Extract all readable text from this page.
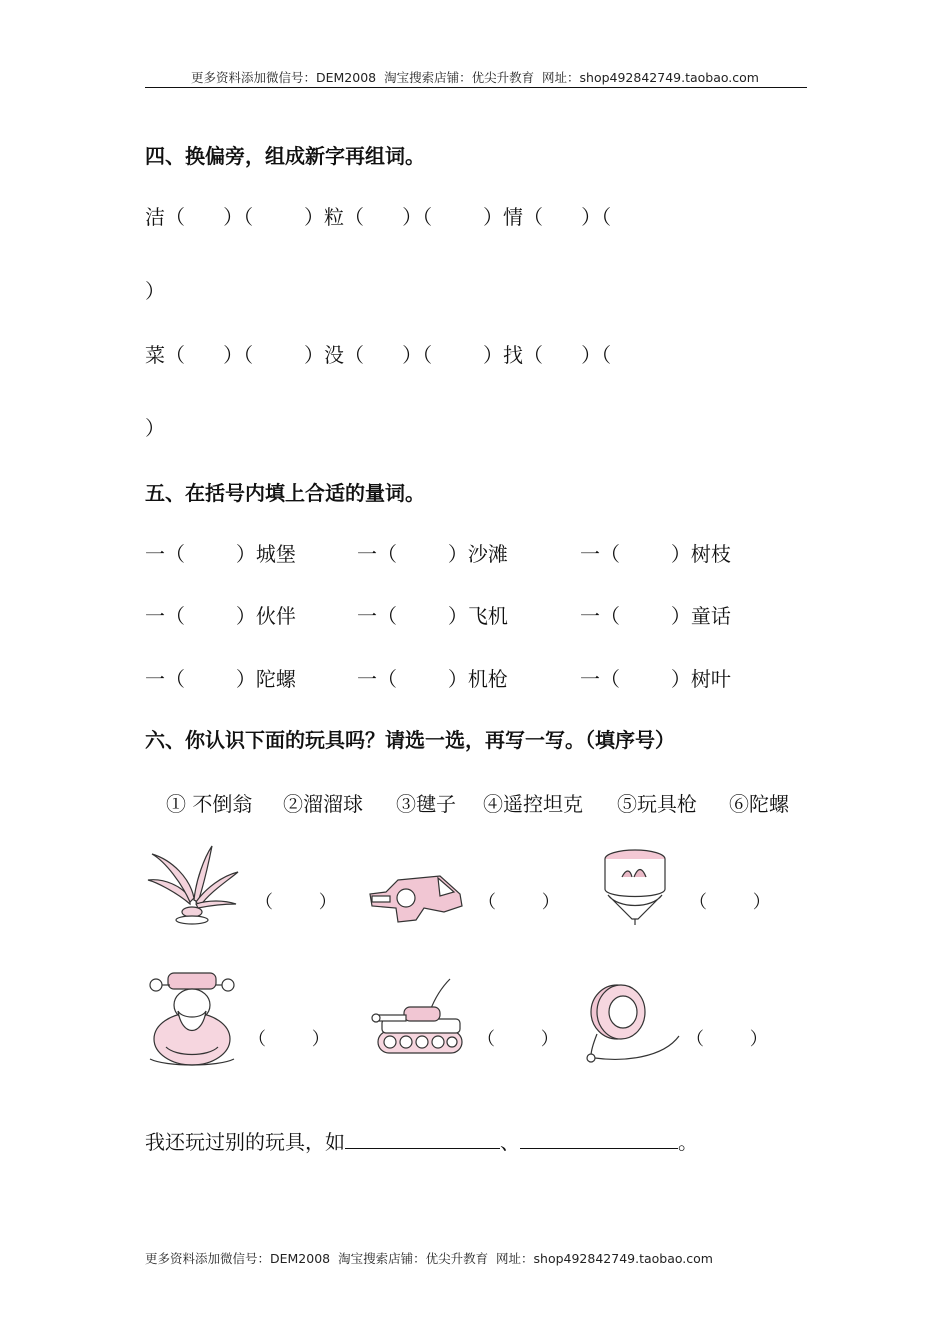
更多资料添加微信号：DEM2008  淘宝搜索店铺：优尖升教育  网址：shop492842749.taobao.com
四、换偏旁，组成新字再组词。
洁（      ）（        ）粒（      ）（        ）情（      ）（
）
菜（      ）（        ）没（      ）（        ）找（      ）（
）
五、在括号内填上合适的量词。
一（        ）城堡	一（        ）沙滩	一（        ）树枝
一（        ）伙伴	一（        ）飞机	一（        ）童话
一（        ）陀螺	一（        ）机枪	一（        ）树叶
六、你认识下面的玩具吗？请选一选，再写一写。（填序号）
① 不倒翁 ②溜溜球 ③毽子 ④遥控坦克 ⑤玩具枪 ⑥陀螺
（        ）	（        ）	（        ）
（        ）	（        ）	（        ）
我还玩过别的玩具，如	、	。
更多资料添加微信号：DEM2008  淘宝搜索店铺：优尖升教育  网址：shop492842749.taobao.com
